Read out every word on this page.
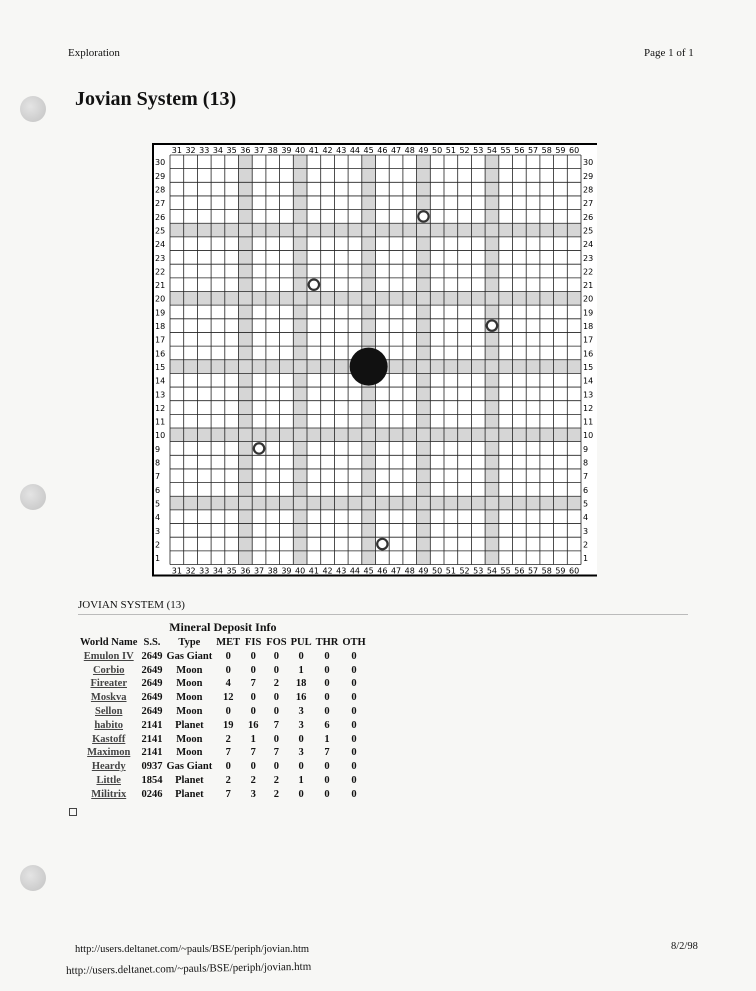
Exploration	Page 1 of 1
Jovian System (13)
31
31
32
32
33
33
34
34
35
35
36
36
37
37
38
38
39
39
40
40
41
41
42
42
43
43
44
44
45
45
46
46
47
47
48
48
49
49
50
50
51
51
52
52
53
53
54
54
55
55
56
56
57
57
58
58
59
59
60
60
30	30
29	29
28	28
27	27
26	26
25	25
24	24
23	23
22	22
21	21
20	20
19	19
18	18
17	17
16	16
15	15
14	14
13	13
12	12
11	11
10	10
9	9
8	8
7	7
6	6
5	5
4	4
3	3
2	2
1	1
JOVIAN SYSTEM (13)
Mineral Deposit Info
World Name	S.S.	Type	MET	FIS	FOS	PUL	THR	OTH
Emulon IV	2649	Gas Giant	0	0	0	0	0	0
Corbio	2649	Moon	0	0	0	1	0	0
Fireater	2649	Moon	4	7	2	18	0	0
Moskva	2649	Moon	12	0	0	16	0	0
Sellon	2649	Moon	0	0	0	3	0	0
habito	2141	Planet	19	16	7	3	6	0
Kastoff	2141	Moon	2	1	0	0	1	0
Maximon	2141	Moon	7	7	7	3	7	0
Heardy	0937	Gas Giant	0	0	0	0	0	0
Little	1854	Planet	2	2	2	1	0	0
Militrix	0246	Planet	7	3	2	0	0	0
http://users.deltanet.com/~pauls/BSE/periph/jovian.htm	8/2/98
http://users.deltanet.com/~pauls/BSE/periph/jovian.htm
